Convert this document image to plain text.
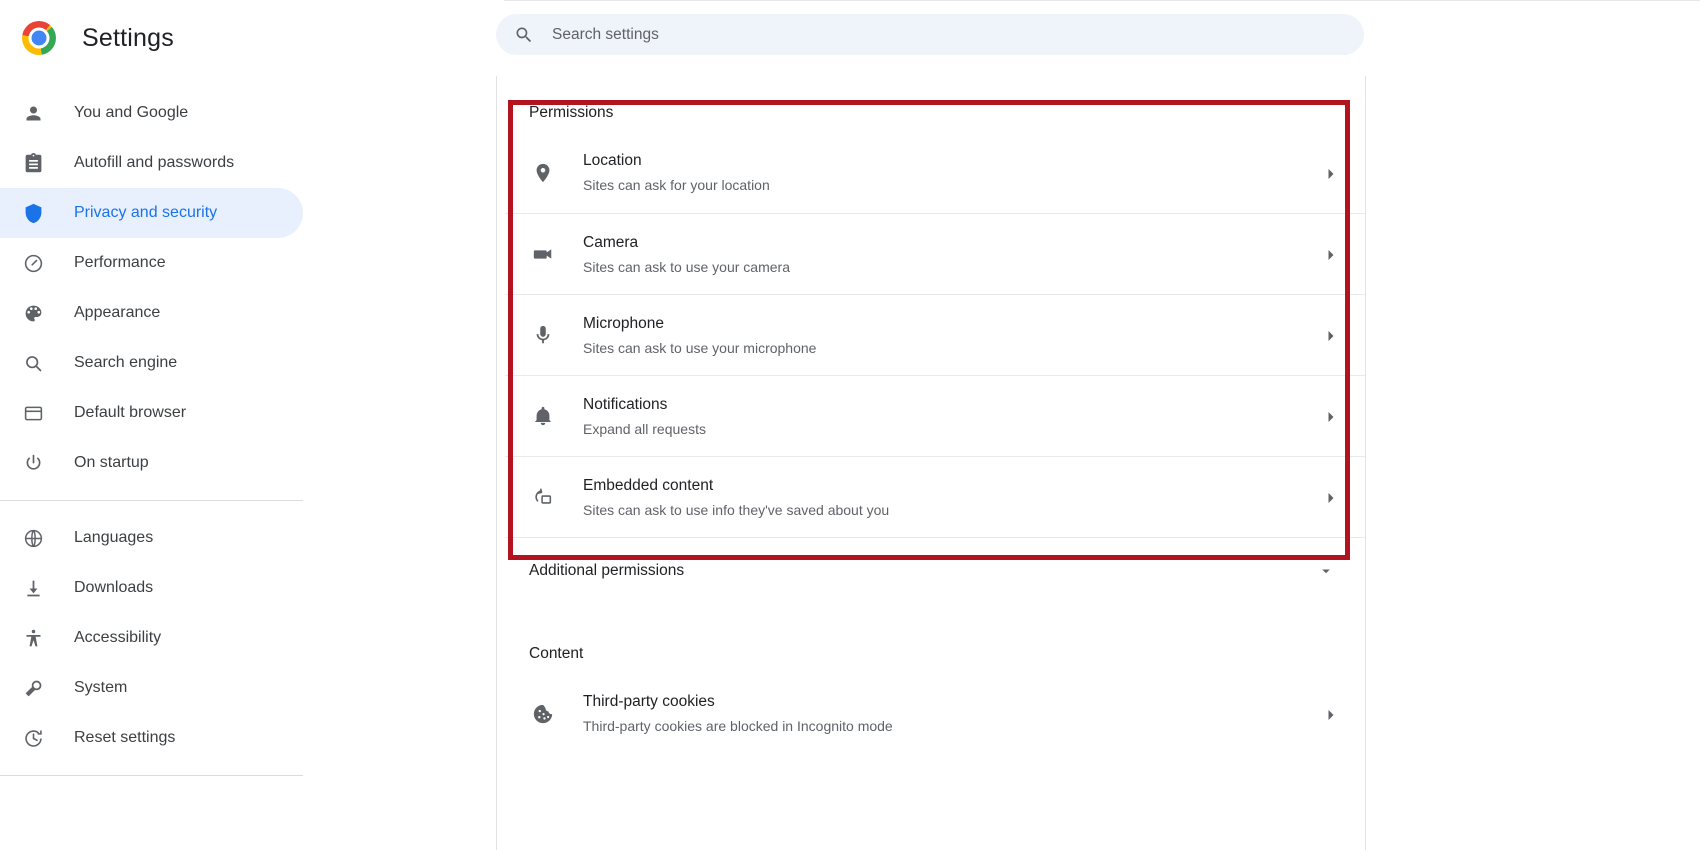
Settings
Search settings
You and Google
Autofill and passwords
Privacy and security
Performance
Appearance
Search engine
Default browser
On startup
Languages
Downloads
Accessibility
System
Reset settings
Permissions
Location
Sites can ask for your location
Camera
Sites can ask to use your camera
Microphone
Sites can ask to use your microphone
Notifications
Expand all requests
Embedded content
Sites can ask to use info they've saved about you
Additional permissions
Content
Third-party cookies
Third-party cookies are blocked in Incognito mode
